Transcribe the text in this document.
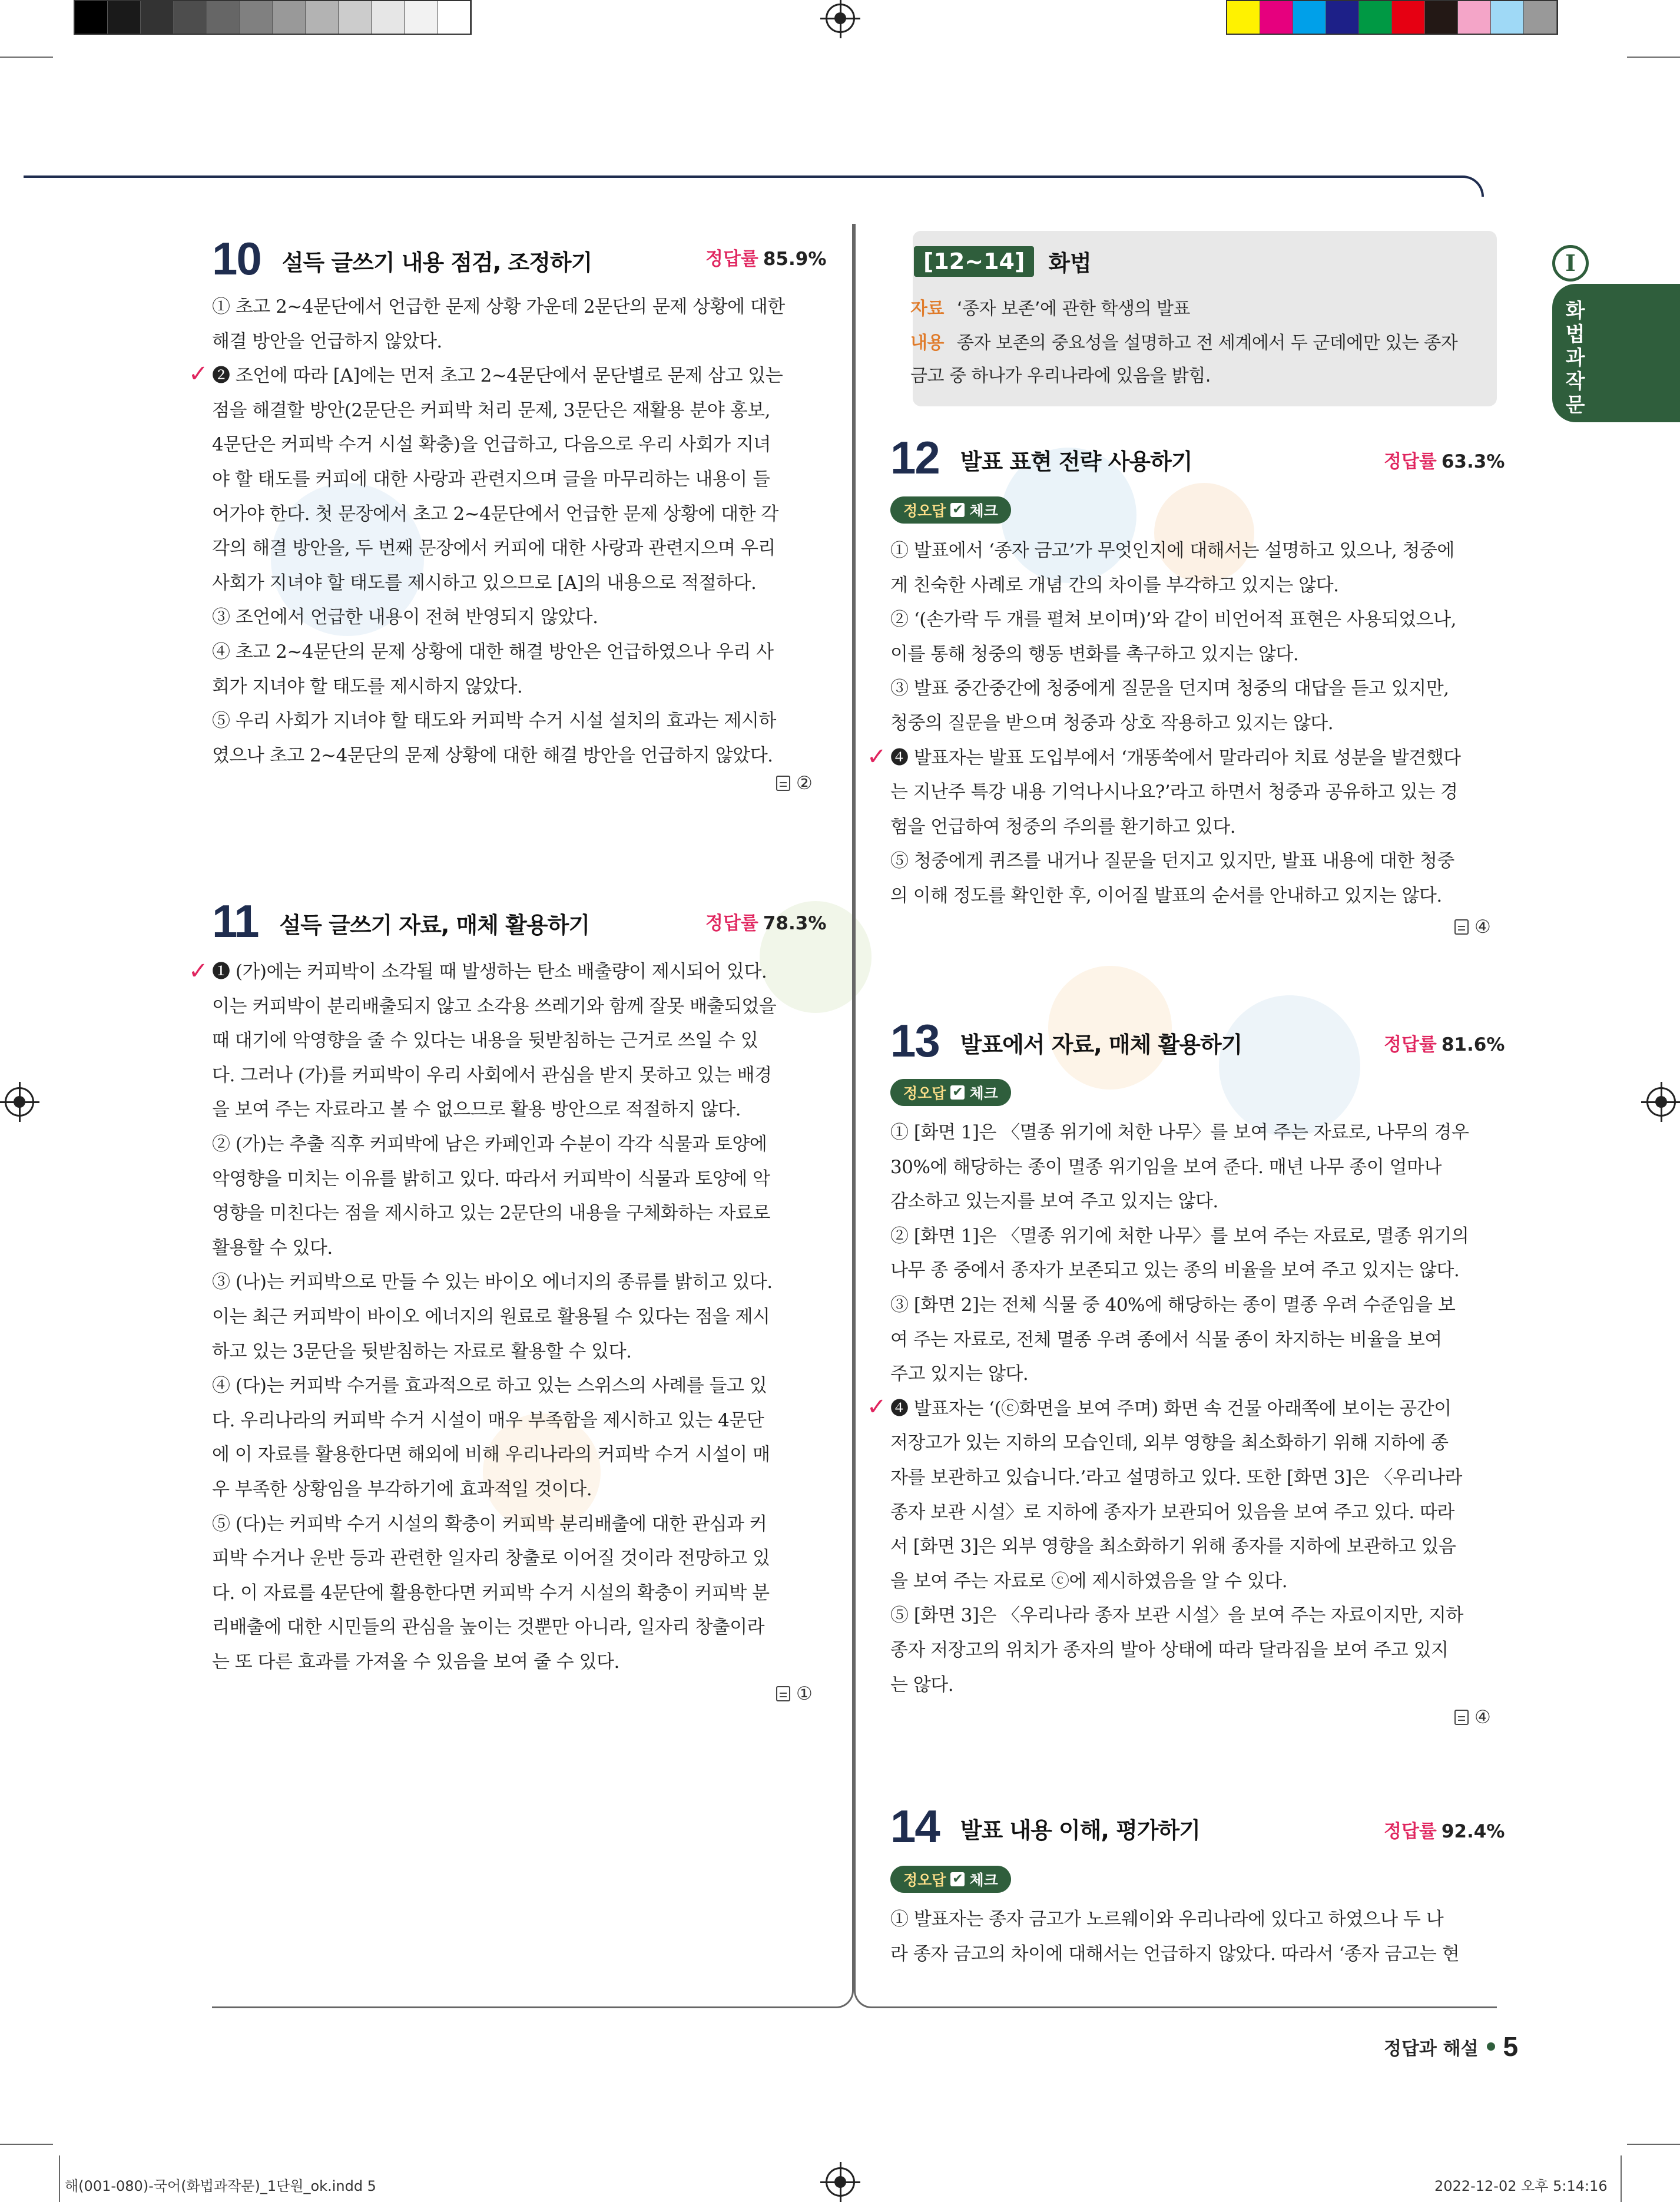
I
화법과 작문
10 설득 글쓰기 내용 점검, 조정하기	정답률 85.9%

① 초고 2~4문단에서 언급한 문제 상황 가운데 2문단의 문제 상황에 대한

해결 방안을 언급하지 않았다.

❷ 조언에 따라 [A]에는 먼저 초고 2~4문단에서 문단별로 문제 삼고 있는

점을 해결할 방안(2문단은 커피박 처리 문제, 3문단은 재활용 분야 홍보,

4문단은 커피박 수거 시설 확충)을 언급하고, 다음으로 우리 사회가 지녀

야 할 태도를 커피에 대한 사랑과 관련지으며 글을 마무리하는 내용이 들

어가야 한다. 첫 문장에서 초고 2~4문단에서 언급한 문제 상황에 대한 각

각의 해결 방안을, 두 번째 문장에서 커피에 대한 사랑과 관련지으며 우리

사회가 지녀야 할 태도를 제시하고 있으므로 [A]의 내용으로 적절하다.

③ 조언에서 언급한 내용이 전혀 반영되지 않았다.

④ 초고 2~4문단의 문제 상황에 대한 해결 방안은 언급하였으나 우리 사

회가 지녀야 할 태도를 제시하지 않았다.

⑤ 우리 사회가 지녀야 할 태도와 커피박 수거 시설 설치의 효과는 제시하

였으나 초고 2~4문단의 문제 상황에 대한 해결 방안을 언급하지 않았다.

✓
②
11 설득 글쓰기 자료, 매체 활용하기	정답률 78.3%

❶ (가)에는 커피박이 소각될 때 발생하는 탄소 배출량이 제시되어 있다.

이는 커피박이 분리배출되지 않고 소각용 쓰레기와 함께 잘못 배출되었을

때 대기에 악영향을 줄 수 있다는 내용을 뒷받침하는 근거로 쓰일 수 있

다. 그러나 (가)를 커피박이 우리 사회에서 관심을 받지 못하고 있는 배경

을 보여 주는 자료라고 볼 수 없으므로 활용 방안으로 적절하지 않다.

② (가)는 추출 직후 커피박에 남은 카페인과 수분이 각각 식물과 토양에

악영향을 미치는 이유를 밝히고 있다. 따라서 커피박이 식물과 토양에 악

영향을 미친다는 점을 제시하고 있는 2문단의 내용을 구체화하는 자료로

활용할 수 있다.

③ (나)는 커피박으로 만들 수 있는 바이오 에너지의 종류를 밝히고 있다.

이는 최근 커피박이 바이오 에너지의 원료로 활용될 수 있다는 점을 제시

하고 있는 3문단을 뒷받침하는 자료로 활용할 수 있다.

④ (다)는 커피박 수거를 효과적으로 하고 있는 스위스의 사례를 들고 있

다. 우리나라의 커피박 수거 시설이 매우 부족함을 제시하고 있는 4문단

에 이 자료를 활용한다면 해외에 비해 우리나라의 커피박 수거 시설이 매

우 부족한 상황임을 부각하기에 효과적일 것이다.

⑤ (다)는 커피박 수거 시설의 확충이 커피박 분리배출에 대한 관심과 커

피박 수거나 운반 등과 관련한 일자리 창출로 이어질 것이라 전망하고 있

다. 이 자료를 4문단에 활용한다면 커피박 수거 시설의 확충이 커피박 분

리배출에 대한 시민들의 관심을 높이는 것뿐만 아니라, 일자리 창출이라

는 또 다른 효과를 가져올 수 있음을 보여 줄 수 있다.

✓
①
[12~14]	화법
자료 ‘종자 보존’에 관한 학생의 발표
내용 종자 보존의 중요성을 설명하고 전 세계에서 두 군데에만 있는 종자
금고 중 하나가 우리나라에 있음을 밝힘.
12 발표 표현 전략 사용하기	정답률 63.3%
정오답 ✔ 체크

① 발표에서 ‘종자 금고’가 무엇인지에 대해서는 설명하고 있으나, 청중에

게 친숙한 사례로 개념 간의 차이를 부각하고 있지는 않다.

② ‘(손가락 두 개를 펼쳐 보이며)’와 같이 비언어적 표현은 사용되었으나,

이를 통해 청중의 행동 변화를 촉구하고 있지는 않다.

③ 발표 중간중간에 청중에게 질문을 던지며 청중의 대답을 듣고 있지만,

청중의 질문을 받으며 청중과 상호 작용하고 있지는 않다.

❹ 발표자는 발표 도입부에서 ‘개똥쑥에서 말라리아 치료 성분을 발견했다

는 지난주 특강 내용 기억나시나요?’라고 하면서 청중과 공유하고 있는 경

험을 언급하여 청중의 주의를 환기하고 있다.

⑤ 청중에게 퀴즈를 내거나 질문을 던지고 있지만, 발표 내용에 대한 청중

의 이해 정도를 확인한 후, 이어질 발표의 순서를 안내하고 있지는 않다.

✓
④
13 발표에서 자료, 매체 활용하기	정답률 81.6%
정오답 ✔ 체크

① [화면 1]은 〈멸종 위기에 처한 나무〉를 보여 주는 자료로, 나무의 경우

30%에 해당하는 종이 멸종 위기임을 보여 준다. 매년 나무 종이 얼마나

감소하고 있는지를 보여 주고 있지는 않다.

② [화면 1]은 〈멸종 위기에 처한 나무〉를 보여 주는 자료로, 멸종 위기의

나무 종 중에서 종자가 보존되고 있는 종의 비율을 보여 주고 있지는 않다.

③ [화면 2]는 전체 식물 중 40%에 해당하는 종이 멸종 우려 수준임을 보

여 주는 자료로, 전체 멸종 우려 종에서 식물 종이 차지하는 비율을 보여

주고 있지는 않다.

❹ 발표자는 ‘(ⓒ화면을 보여 주며) 화면 속 건물 아래쪽에 보이는 공간이

저장고가 있는 지하의 모습인데, 외부 영향을 최소화하기 위해 지하에 종

자를 보관하고 있습니다.’라고 설명하고 있다. 또한 [화면 3]은 〈우리나라

종자 보관 시설〉로 지하에 종자가 보관되어 있음을 보여 주고 있다. 따라

서 [화면 3]은 외부 영향을 최소화하기 위해 종자를 지하에 보관하고 있음

을 보여 주는 자료로 ⓒ에 제시하였음을 알 수 있다.

⑤ [화면 3]은 〈우리나라 종자 보관 시설〉을 보여 주는 자료이지만, 지하

종자 저장고의 위치가 종자의 발아 상태에 따라 달라짐을 보여 주고 있지

는 않다.

✓
④
14 발표 내용 이해, 평가하기	정답률 92.4%
정오답 ✔ 체크

① 발표자는 종자 금고가 노르웨이와 우리나라에 있다고 하였으나 두 나

라 종자 금고의 차이에 대해서는 언급하지 않았다. 따라서 ‘종자 금고는 현

정답과 해설 5
해(001-080)-국어(화법과작문)_1단원_ok.indd 5	2022-12-02 오후 5:14:16
